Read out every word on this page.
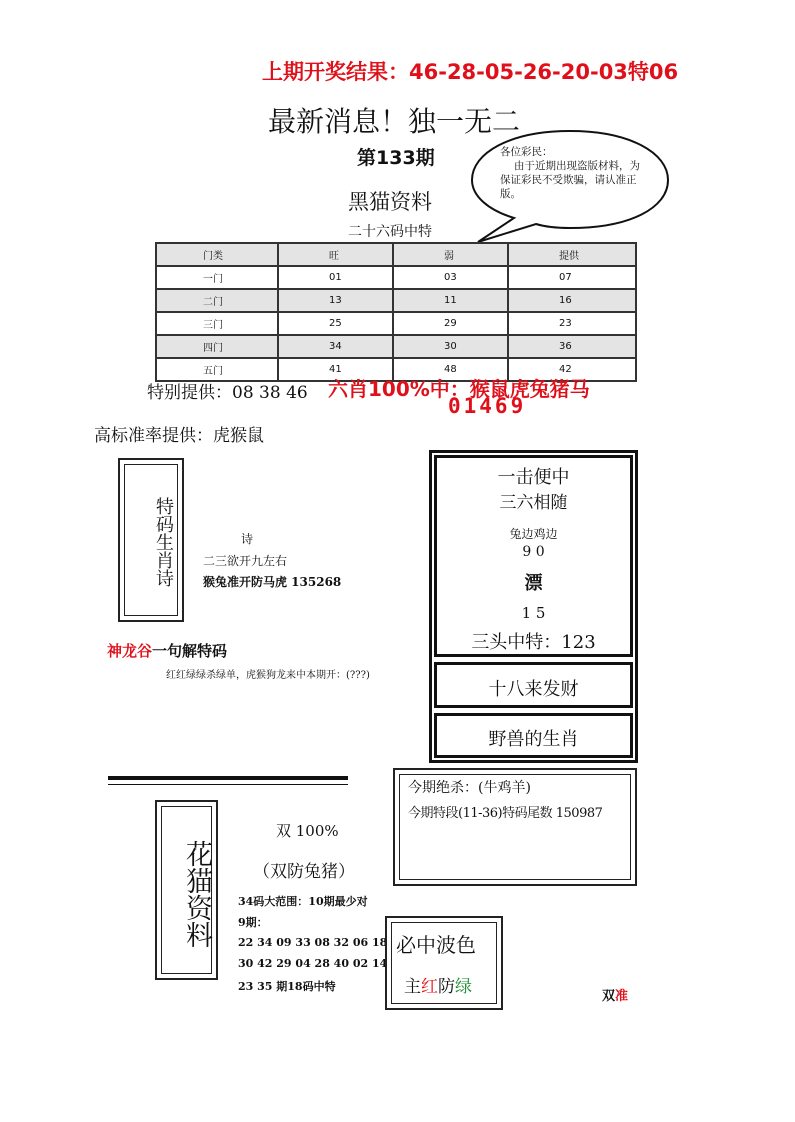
上期开奖结果：46-28-05-26-20-03特06
最新消息！独一无二
第133期
黑猫资料
二十六码中特
各位彩民：
由于近期出现盗版材料，为保证彩民不受欺骗，请认准正版。
门类	旺	弱	提供
一门	01	03	07
二门	13	11	16
三门	25	29	23
四门	34	30	36
五门	41	48	42
特别提供：08 38 46 六肖100%中：猴鼠虎兔猪马
01469
高标准率提供：虎猴鼠
特码生肖诗	诗
二三欲开九左右
猴兔准开防马虎 135268
神龙谷一句解特码
红红绿绿杀绿单，虎猴狗龙来中本期开：(???)
一击便中
三六相随
兔边鸡边
9 0
漂
1 5
三头中特：123
十八来发财
野兽的生肖
今期绝杀：(牛鸡羊)
今期特段(11-36)特码尾数 150987
花猫资料
双 100%
（双防兔猪）
34码大范围：10期最少对
9期：
22 34 09 33 08 32 06 18
30 42 29 04 28 40 02 14
23 35 期18码中特
必中波色
主红防绿	双准
